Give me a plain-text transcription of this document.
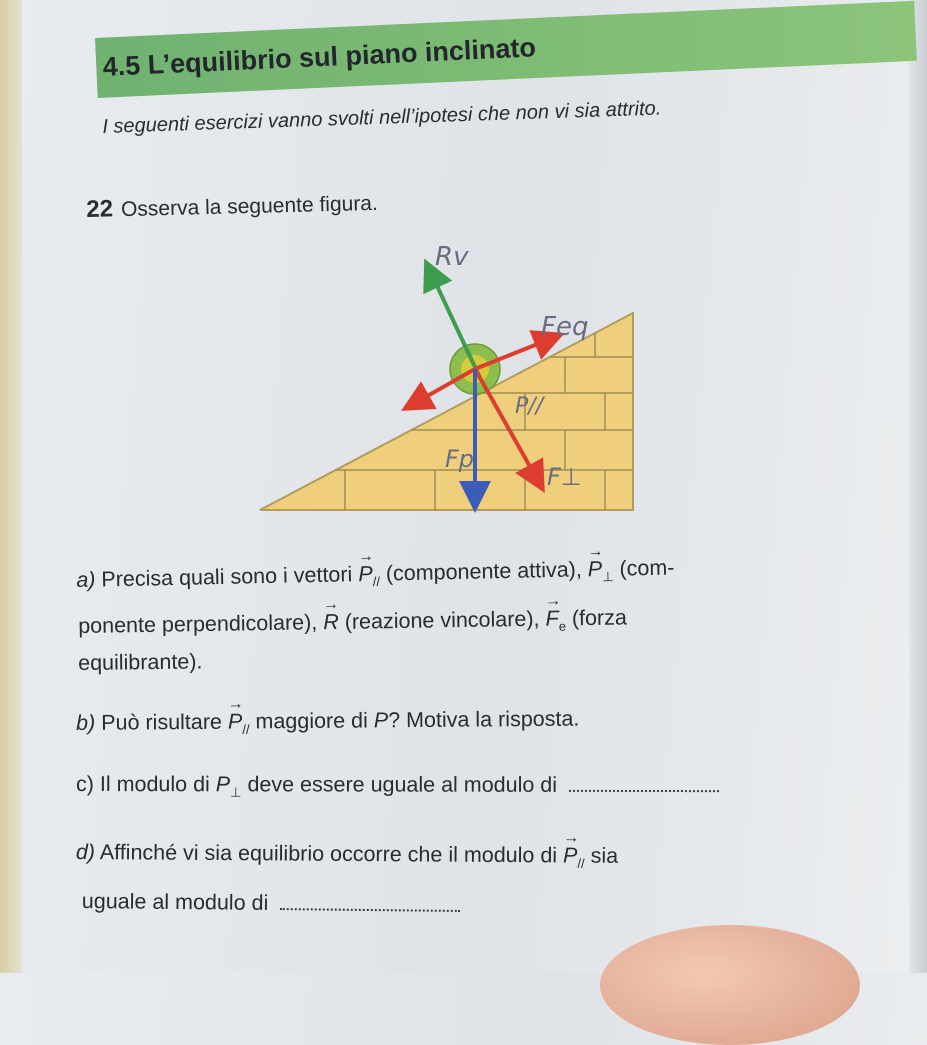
4.5 L’equilibrio sul piano inclinato

I seguenti esercizi vanno svolti nell’ipotesi che non vi sia attrito.

22 Osserva la seguente figura.

Rv
Feq
P//
Fp
F⊥

a) Precisa quali sono i vettori → $P_{//}$ (componente attiva), → $P_\perp$ (com-

ponente perpendicolare), → R (reazione vincolare), → $F_e$ (forza

equilibrante).

b) Può risultare → $P_{//}$ maggiore di P? Motiva la risposta.

c) Il modulo di $P_\perp$ deve essere uguale al modulo di

d) Affinché vi sia equilibrio occorre che il modulo di → $P_{//}$ sia

uguale al modulo di
